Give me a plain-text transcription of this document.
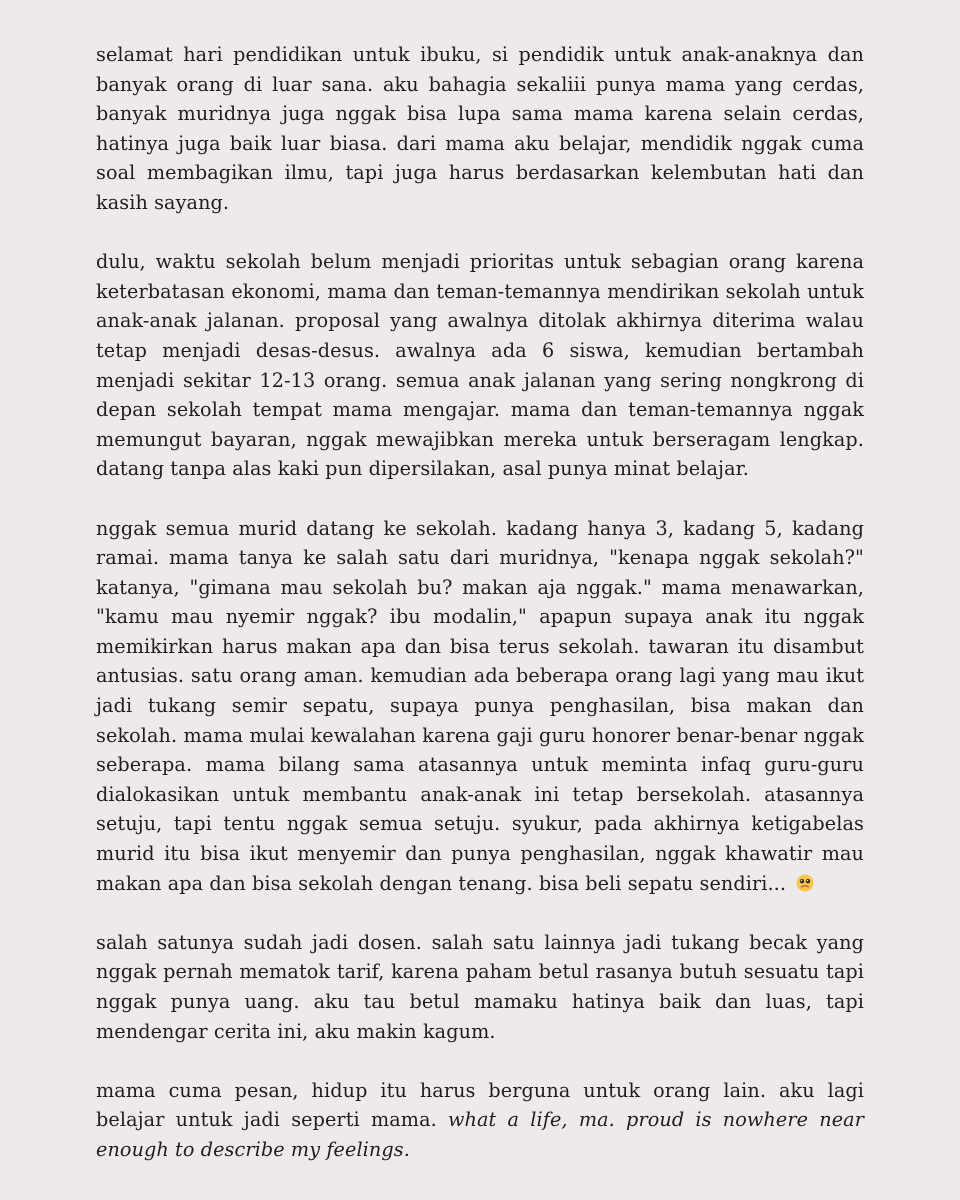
selamat hari pendidikan untuk ibuku, si pendidik untuk anak-anaknya dan banyak orang di luar sana. aku bahagia sekaliii punya mama yang cerdas, banyak muridnya juga nggak bisa lupa sama mama karena selain cerdas, hatinya juga baik luar biasa. dari mama aku belajar, mendidik nggak cuma soal membagikan ilmu, tapi juga harus berdasarkan kelembutan hati dan kasih sayang.

dulu, waktu sekolah belum menjadi prioritas untuk sebagian orang karena keterbatasan ekonomi, mama dan teman-temannya mendirikan sekolah untuk anak-anak jalanan. proposal yang awalnya ditolak akhirnya diterima walau tetap menjadi desas-desus. awalnya ada 6 siswa, kemudian bertambah menjadi sekitar 12-13 orang. semua anak jalanan yang sering nongkrong di depan sekolah tempat mama mengajar. mama dan teman-temannya nggak memungut bayaran, nggak mewajibkan mereka untuk berseragam lengkap. datang tanpa alas kaki pun dipersilakan, asal punya minat belajar.

nggak semua murid datang ke sekolah. kadang hanya 3, kadang 5, kadang ramai. mama tanya ke salah satu dari muridnya, "kenapa nggak sekolah?" katanya, "gimana mau sekolah bu? makan aja nggak." mama menawarkan, "kamu mau nyemir nggak? ibu modalin," apapun supaya anak itu nggak memikirkan harus makan apa dan bisa terus sekolah. tawaran itu disambut antusias. satu orang aman. kemudian ada beberapa orang lagi yang mau ikut jadi tukang semir sepatu, supaya punya penghasilan, bisa makan dan sekolah. mama mulai kewalahan karena gaji guru honorer benar-benar nggak seberapa. mama bilang sama atasannya untuk meminta infaq guru-guru dialokasikan untuk membantu anak-anak ini tetap bersekolah. atasannya setuju, tapi tentu nggak semua setuju. syukur, pada akhirnya ketigabelas murid itu bisa ikut menyemir dan punya penghasilan, nggak khawatir mau makan apa dan bisa sekolah dengan tenang. bisa beli sepatu sendiri...

salah satunya sudah jadi dosen. salah satu lainnya jadi tukang becak yang nggak pernah mematok tarif, karena paham betul rasanya butuh sesuatu tapi nggak punya uang. aku tau betul mamaku hatinya baik dan luas, tapi mendengar cerita ini, aku makin kagum.

mama cuma pesan, hidup itu harus berguna untuk orang lain. aku lagi belajar untuk jadi seperti mama. what a life, ma. proud is nowhere near enough to describe my feelings.
